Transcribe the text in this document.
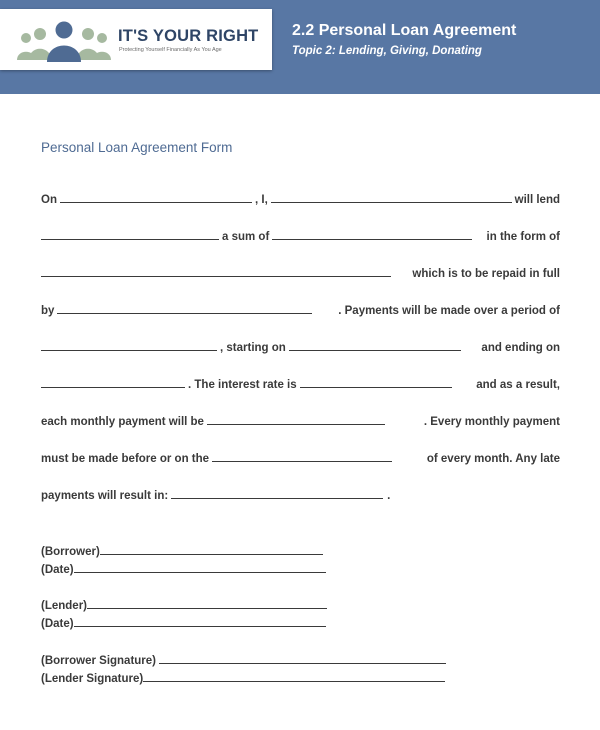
IT'S YOUR RIGHT
Protecting Yourself Financially As You Age
2.2 Personal Loan Agreement
Topic 2: Lending, Giving, Donating
Personal Loan Agreement Form
On	, I,	will lend
a sum of	in the form of
which is to be repaid in full
by	. Payments will be made over a period of
, starting on	and ending on
. The interest rate is	and as a result,
each monthly payment will be	. Every monthly payment
must be made before or on the	of every month. Any late
payments will result in:	.
(Borrower)
(Date)
(Lender)
(Date)
(Borrower Signature)
(Lender Signature)
